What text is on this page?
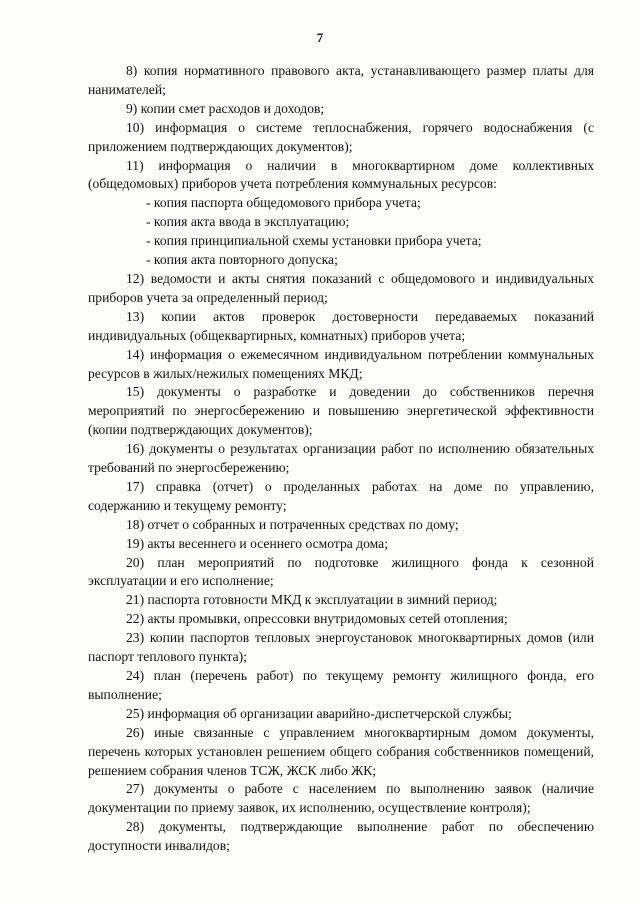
7

8) копия нормативного правового акта, устанавливающего размер платы для нанимателей;

9) копии смет расходов и доходов;

10) информация о системе теплоснабжения, горячего водоснабжения (с приложением подтверждающих документов);

11) информация о наличии в многоквартирном доме коллективных (общедомовых) приборов учета потребления коммунальных ресурсов:

- копия паспорта общедомового прибора учета;

- копия акта ввода в эксплуатацию;

- копия принципиальной схемы установки прибора учета;

- копия акта повторного допуска;

12) ведомости и акты снятия показаний с общедомового и индивидуальных приборов учета за определенный период;

13) копии актов проверок достоверности передаваемых показаний индивидуальных (общеквартирных, комнатных) приборов учета;

14) информация о ежемесячном индивидуальном потреблении коммунальных ресурсов в жилых/нежилых помещениях МКД;

15) документы о разработке и доведении до собственников перечня мероприятий по энергосбережению и повышению энергетической эффективности (копии подтверждающих документов);

16) документы о результатах организации работ по исполнению обязательных требований по энергосбережению;

17) справка (отчет) о проделанных работах на доме по управлению, содержанию и текущему ремонту;

18) отчет о собранных и потраченных средствах по дому;

19) акты весеннего и осеннего осмотра дома;

20) план мероприятий по подготовке жилищного фонда к сезонной эксплуатации и его исполнение;

21) паспорта готовности МКД к эксплуатации в зимний период;

22) акты промывки, опрессовки внутридомовых сетей отопления;

23) копии паспортов тепловых энергоустановок многоквартирных домов (или паспорт теплового пункта);

24) план (перечень работ) по текущему ремонту жилищного фонда, его выполнение;

25) информация об организации аварийно-диспетчерской службы;

26) иные связанные с управлением многоквартирным домом документы, перечень которых установлен решением общего собрания собственников помещений, решением собрания членов ТСЖ, ЖСК либо ЖК;

27) документы о работе с населением по выполнению заявок (наличие документации по приему заявок, их исполнению, осуществление контроля);

28) документы, подтверждающие выполнение работ по обеспечению доступности инвалидов;
